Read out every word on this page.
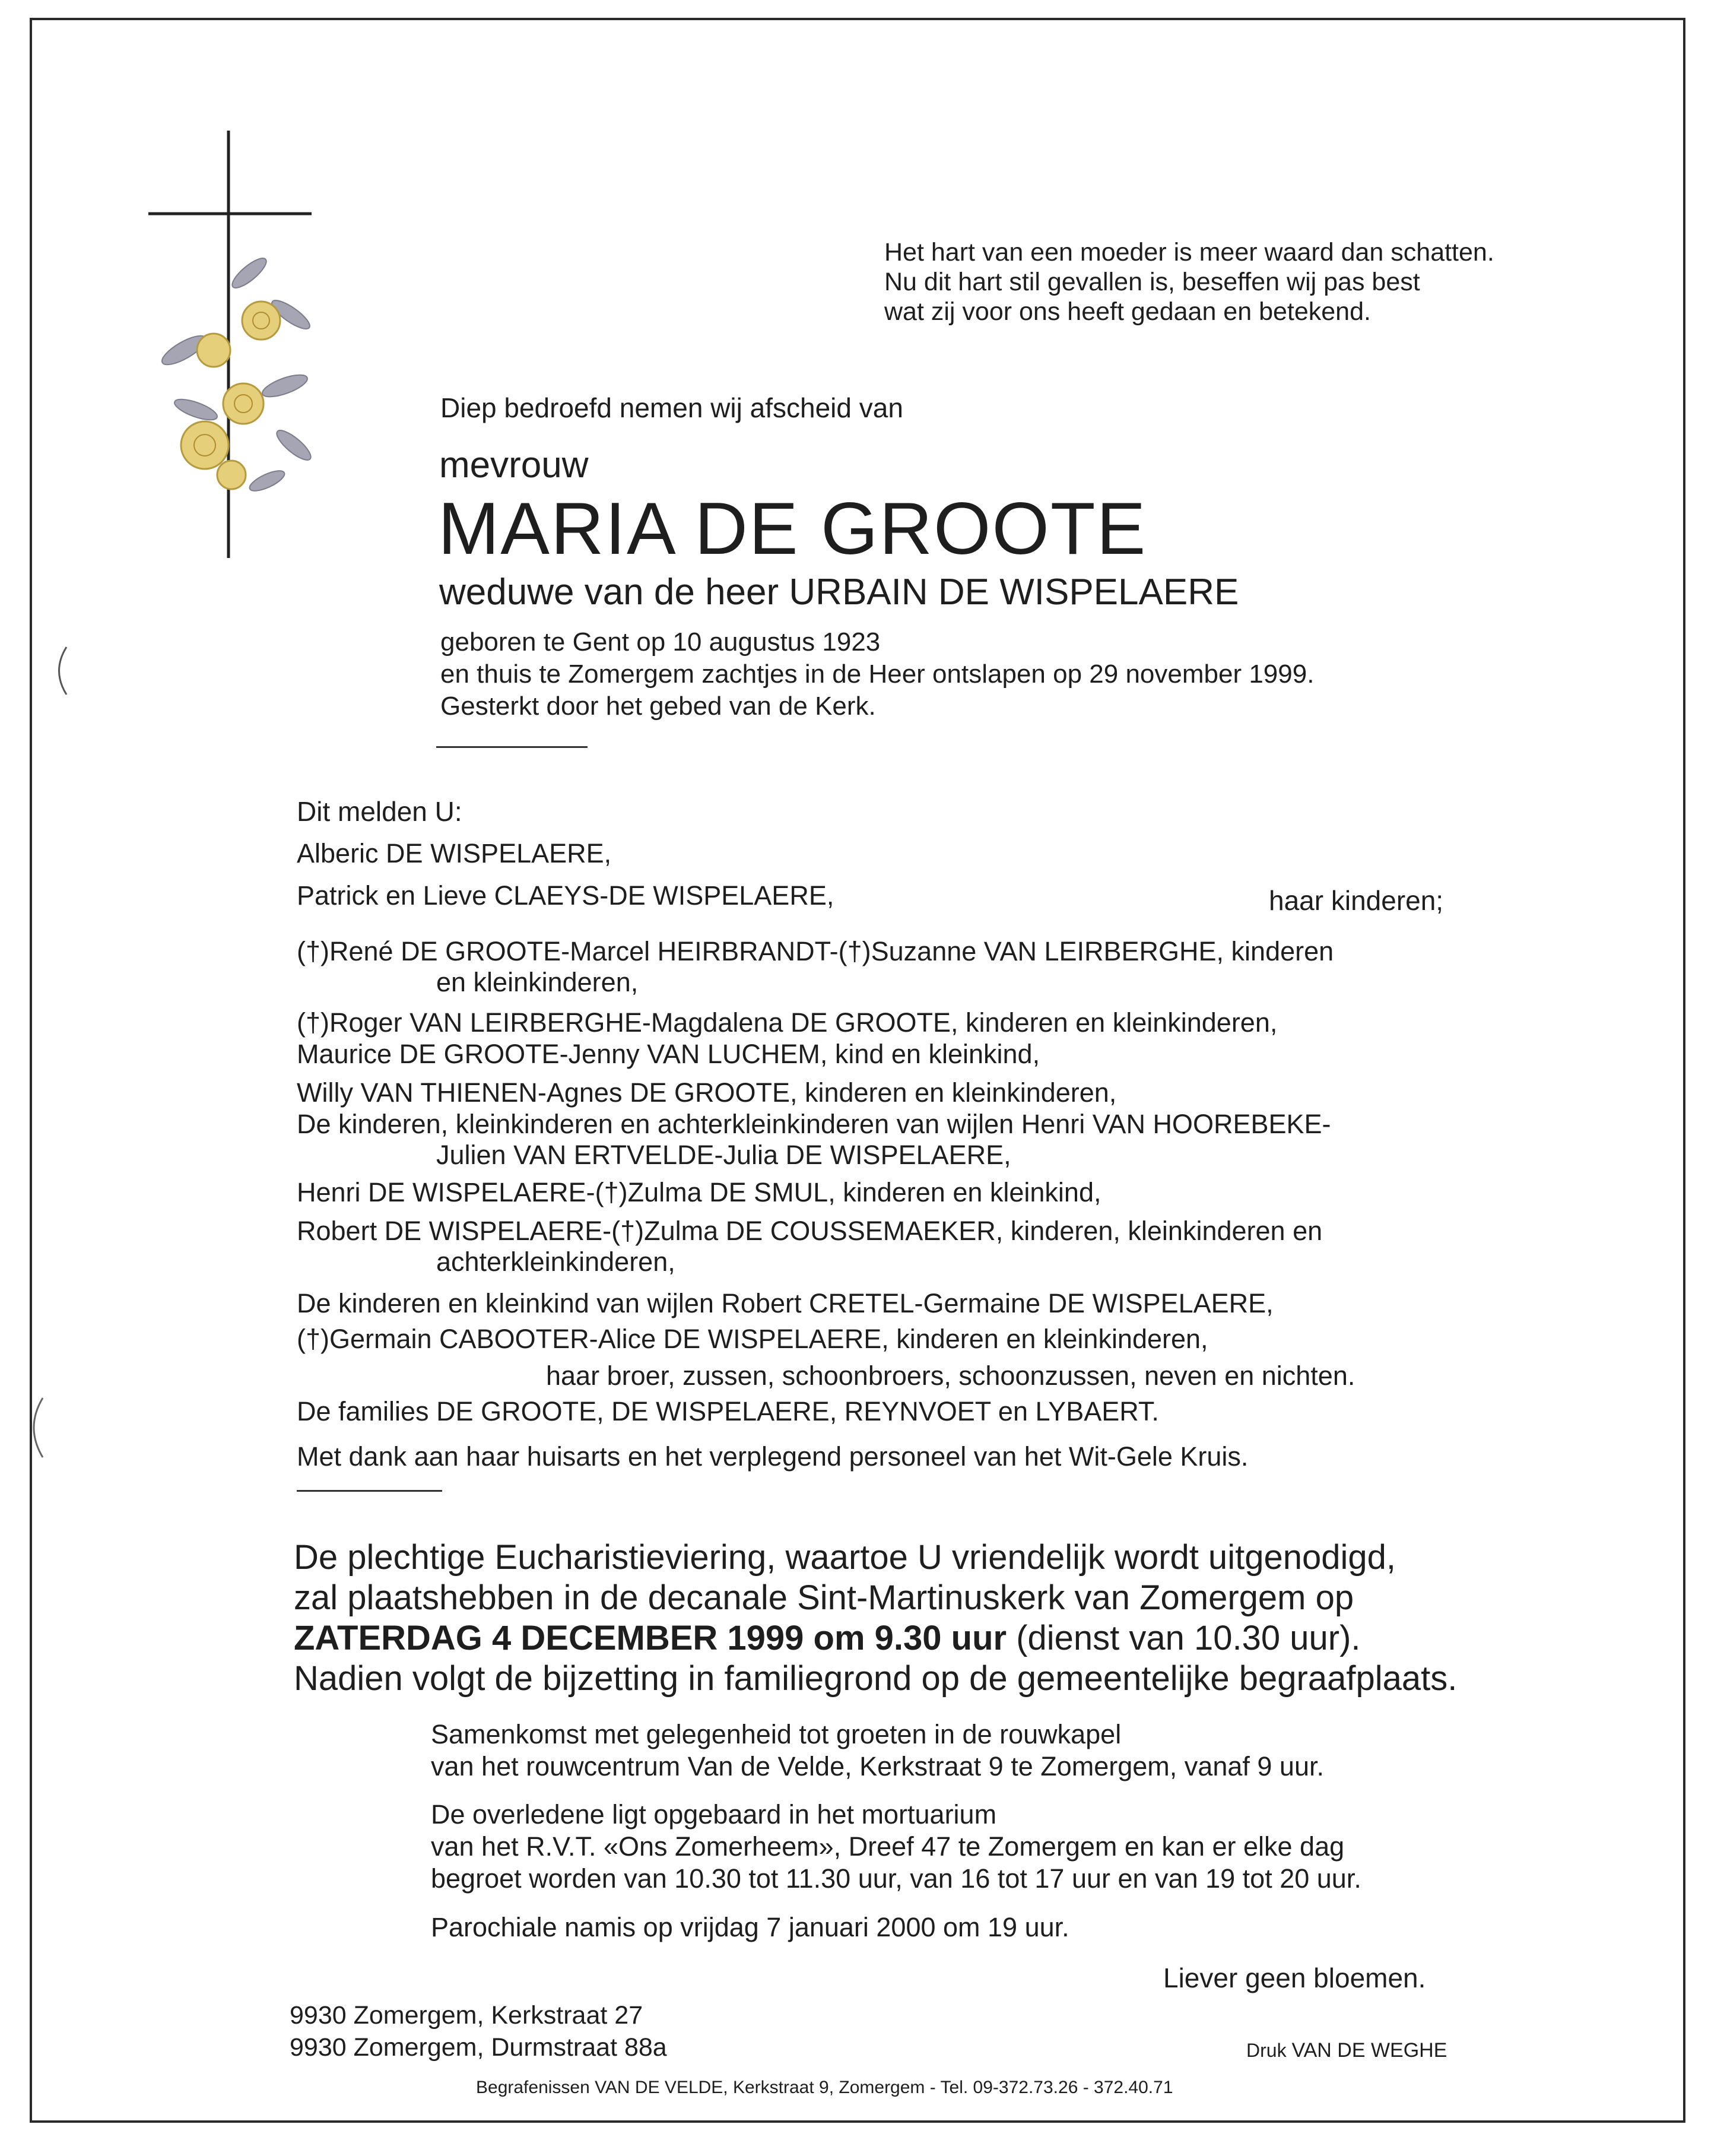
Het hart van een moeder is meer waard dan schatten.
Nu dit hart stil gevallen is, beseffen wij pas best
wat zij voor ons heeft gedaan en betekend.
Diep bedroefd nemen wij afscheid van
mevrouw
MARIA DE GROOTE
weduwe van de heer URBAIN DE WISPELAERE
geboren te Gent op 10 augustus 1923
en thuis te Zomergem zachtjes in de Heer ontslapen op 29 november 1999.
Gesterkt door het gebed van de Kerk.
Dit melden U:
Alberic DE WISPELAERE,
Patrick en Lieve CLAEYS-DE WISPELAERE,	haar kinderen;
(†)René DE GROOTE-Marcel HEIRBRANDT-(†)Suzanne VAN LEIRBERGHE, kinderen
en kleinkinderen,
(†)Roger VAN LEIRBERGHE-Magdalena DE GROOTE, kinderen en kleinkinderen,
Maurice DE GROOTE-Jenny VAN LUCHEM, kind en kleinkind,
Willy VAN THIENEN-Agnes DE GROOTE, kinderen en kleinkinderen,
De kinderen, kleinkinderen en achterkleinkinderen van wijlen Henri VAN HOOREBEKE-
Julien VAN ERTVELDE-Julia DE WISPELAERE,
Henri DE WISPELAERE-(†)Zulma DE SMUL, kinderen en kleinkind,
Robert DE WISPELAERE-(†)Zulma DE COUSSEMAEKER, kinderen, kleinkinderen en
achterkleinkinderen,
De kinderen en kleinkind van wijlen Robert CRETEL-Germaine DE WISPELAERE,
(†)Germain CABOOTER-Alice DE WISPELAERE, kinderen en kleinkinderen,
haar broer, zussen, schoonbroers, schoonzussen, neven en nichten.
De families DE GROOTE, DE WISPELAERE, REYNVOET en LYBAERT.
Met dank aan haar huisarts en het verplegend personeel van het Wit-Gele Kruis.
De plechtige Eucharistieviering, waartoe U vriendelijk wordt uitgenodigd,
zal plaatshebben in de decanale Sint-Martinuskerk van Zomergem op
ZATERDAG 4 DECEMBER 1999 om 9.30 uur (dienst van 10.30 uur).
Nadien volgt de bijzetting in familiegrond op de gemeentelijke begraafplaats.
Samenkomst met gelegenheid tot groeten in de rouwkapel
van het rouwcentrum Van de Velde, Kerkstraat 9 te Zomergem, vanaf 9 uur.
De overledene ligt opgebaard in het mortuarium
van het R.V.T. «Ons Zomerheem», Dreef 47 te Zomergem en kan er elke dag
begroet worden van 10.30 tot 11.30 uur, van 16 tot 17 uur en van 19 tot 20 uur.
Parochiale namis op vrijdag 7 januari 2000 om 19 uur.
Liever geen bloemen.
9930 Zomergem, Kerkstraat 27
9930 Zomergem, Durmstraat 88a	Druk VAN DE WEGHE
Begrafenissen VAN DE VELDE, Kerkstraat 9, Zomergem - Tel. 09-372.73.26 - 372.40.71
